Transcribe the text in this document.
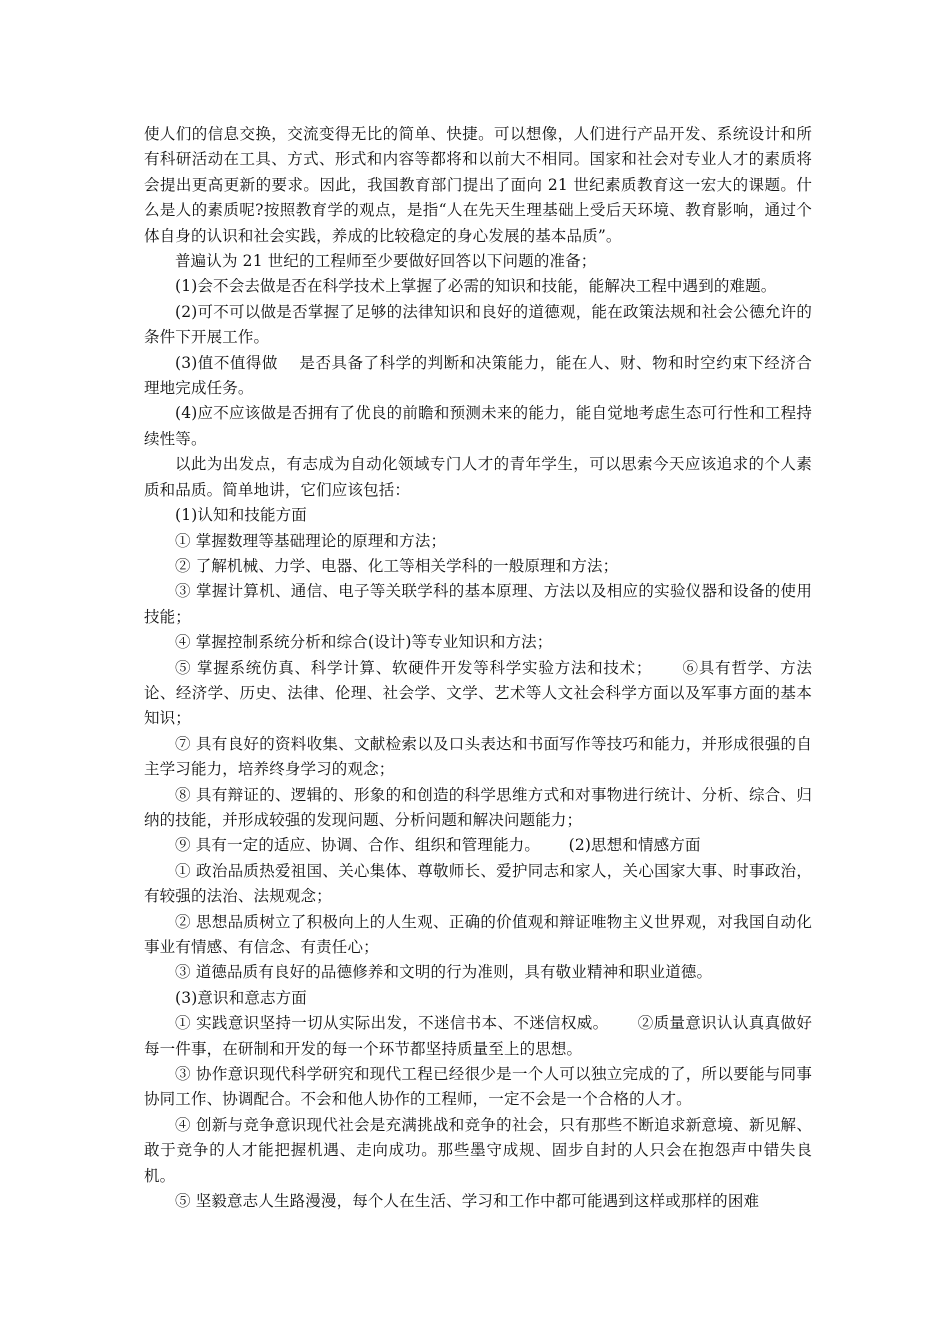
使人们的信息交换，交流变得无比的简单、快捷。可以想像，人们进行产品开发、系统设计和所有科研活动在工具、方式、形式和内容等都将和以前大不相同。国家和社会对专业人才的素质将会提出更高更新的要求。因此，我国教育部门提出了面向 21 世纪素质教育这一宏大的课题。什么是人的素质呢?按照教育学的观点，是指“人在先天生理基础上受后天环境、教育影响，通过个体自身的认识和社会实践，养成的比较稳定的身心发展的基本品质”。

普遍认为 21 世纪的工程师至少要做好回答以下问题的准备；

(1)会不会去做是否在科学技术上掌握了必需的知识和技能，能解决工程中遇到的难题。

(2)可不可以做是否掌握了足够的法律知识和良好的道德观，能在政策法规和社会公德允许的条件下开展工作。

(3)值不值得做　 是否具备了科学的判断和决策能力，能在人、财、物和时空约束下经济合理地完成任务。

(4)应不应该做是否拥有了优良的前瞻和预测未来的能力，能自觉地考虑生态可行性和工程持续性等。

以此为出发点，有志成为自动化领域专门人才的青年学生，可以思索今天应该追求的个人素质和品质。简单地讲，它们应该包括：

(1)认知和技能方面

① 掌握数理等基础理论的原理和方法；

② 了解机械、力学、电器、化工等相关学科的一般原理和方法；

③ 掌握计算机、通信、电子等关联学科的基本原理、方法以及相应的实验仪器和设备的使用技能；

④ 掌握控制系统分析和综合(设计)等专业知识和方法；

⑤ 掌握系统仿真、科学计算、软硬件开发等科学实验方法和技术；　　 ⑥具有哲学、方法论、经济学、历史、法律、伦理、社会学、文学、艺术等人文社会科学方面以及军事方面的基本知识；

⑦ 具有良好的资料收集、文献检索以及口头表达和书面写作等技巧和能力，并形成很强的自主学习能力，培养终身学习的观念；

⑧ 具有辩证的、逻辑的、形象的和创造的科学思维方式和对事物进行统计、分析、综合、归纳的技能，并形成较强的发现问题、分析问题和解决问题能力；

⑨ 具有一定的适应、协调、合作、组织和管理能力。　　 (2)思想和情感方面

① 政治品质热爱祖国、关心集体、尊敬师长、爱护同志和家人，关心国家大事、时事政治，有较强的法治、法规观念；

② 思想品质树立了积极向上的人生观、正确的价值观和辩证唯物主义世界观，对我国自动化事业有情感、有信念、有责任心；

③ 道德品质有良好的品德修养和文明的行为准则，具有敬业精神和职业道德。

(3)意识和意志方面

① 实践意识坚持一切从实际出发，不迷信书本、不迷信权威。　　 ②质量意识认认真真做好每一件事，在研制和开发的每一个环节都坚持质量至上的思想。

③ 协作意识现代科学研究和现代工程已经很少是一个人可以独立完成的了，所以要能与同事协同工作、协调配合。不会和他人协作的工程师，一定不会是一个合格的人才。

④ 创新与竞争意识现代社会是充满挑战和竞争的社会，只有那些不断追求新意境、新见解、敢于竞争的人才能把握机遇、走向成功。那些墨守成规、固步自封的人只会在抱怨声中错失良机。

⑤ 坚毅意志人生路漫漫，每个人在生活、学习和工作中都可能遇到这样或那样的困难
